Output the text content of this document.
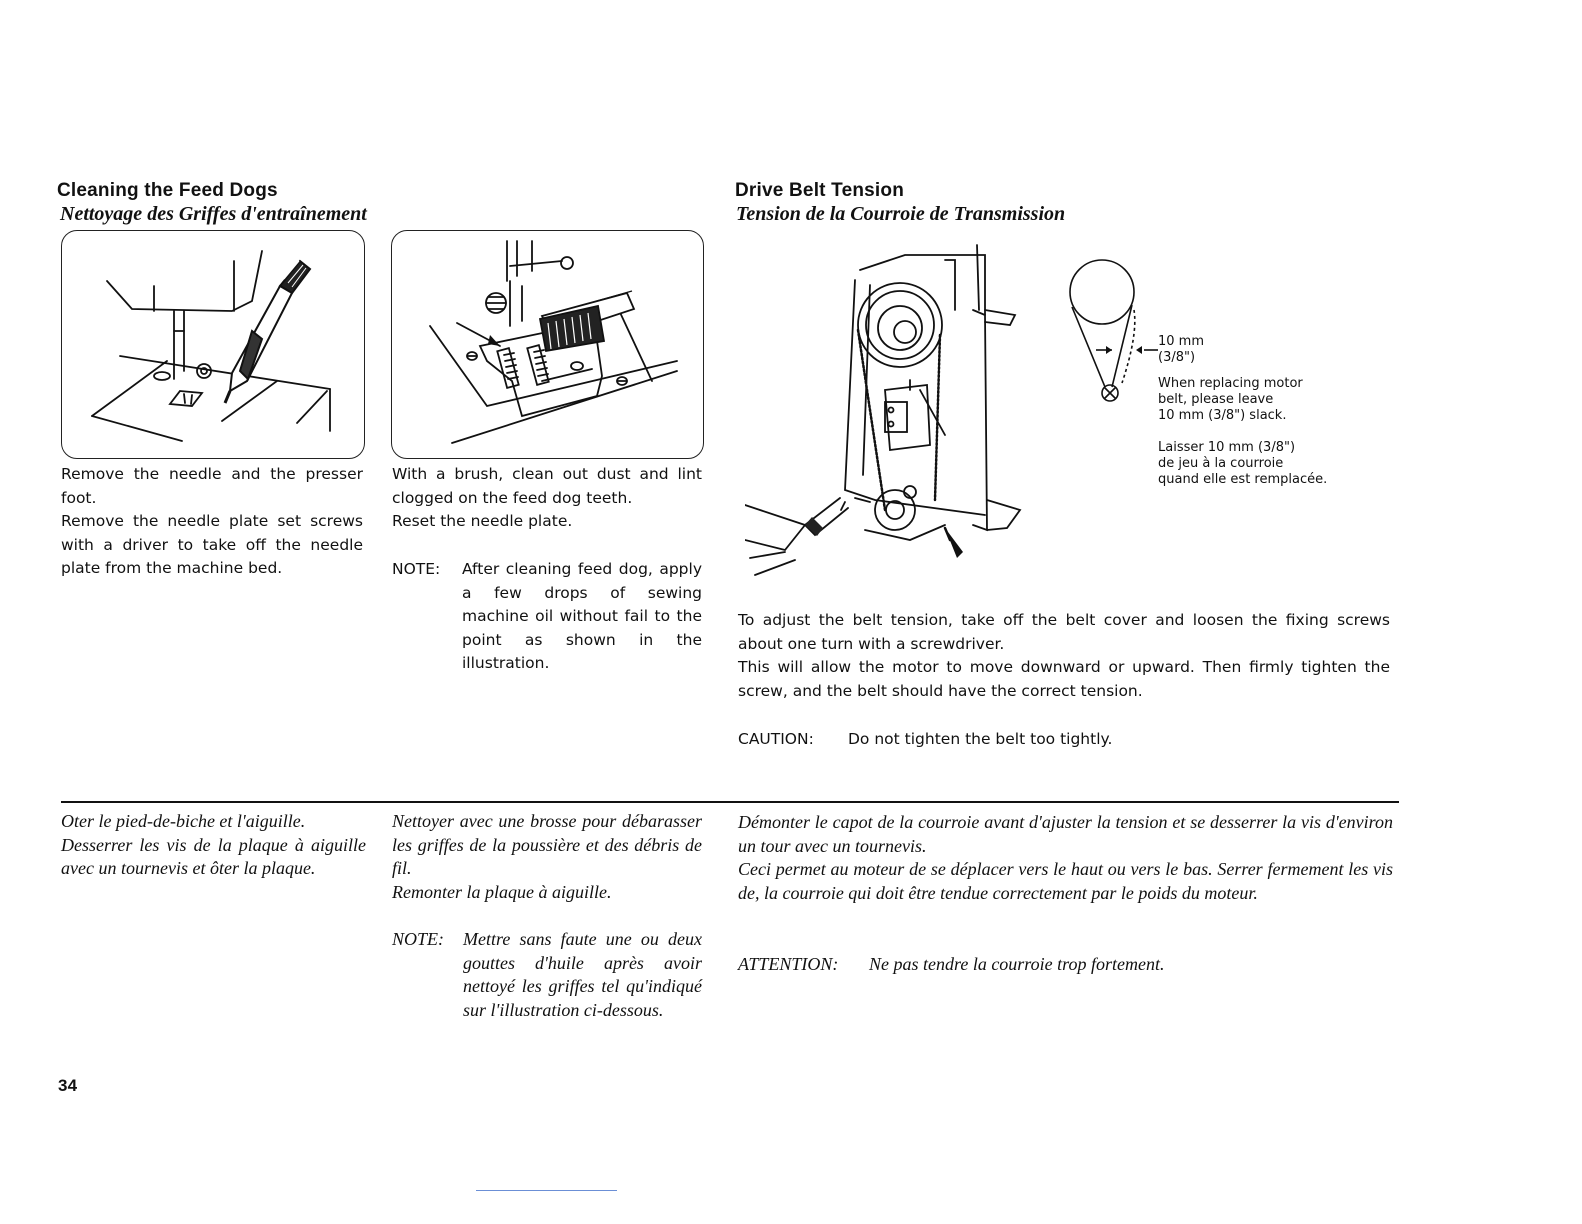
Cleaning the Feed Dogs
Nettoyage des Griffes d'entraînement
Remove the needle and the presser foot.
Remove the needle plate set screws with a driver to take off the needle plate from the machine bed.
With a brush, clean out dust and lint clogged on the feed dog teeth.
Reset the needle plate.
NOTE:	After cleaning feed dog, apply a few drops of sewing machine oil without fail to the point as shown in the illustration.
Drive Belt Tension
Tension de la Courroie de Transmission
10 mm
(3/8")
When replacing motor
belt, please leave
10 mm (3/8") slack.
Laisser 10 mm (3/8")
de jeu à la courroie
quand elle est remplacée.
To adjust the belt tension, take off the belt cover and loosen the fixing screws about one turn with a screwdriver.
This will allow the motor to move downward or upward. Then firmly tighten the screw, and the belt should have the correct tension.
CAUTION:	Do not tighten the belt too tightly.
Oter le pied-de-biche et l'aiguille.
Desserrer les vis de la plaque à aiguille avec un tournevis et ôter la plaque.
Nettoyer avec une brosse pour débarasser les griffes de la poussière et des débris de fil.
Remonter la plaque à aiguille.
NOTE:	Mettre sans faute une ou deux gouttes d'huile après avoir nettoyé les griffes tel qu'indiqué sur l'illustration ci-dessous.
Démonter le capot de la courroie avant d'ajuster la tension et se desserrer la vis d'environ un tour avec un tournevis.
Ceci permet au moteur de se déplacer vers le haut ou vers le bas. Serrer fermement les vis de, la courroie qui doit être tendue correctement par le poids du moteur.
ATTENTION:	Ne pas tendre la courroie trop fortement.
34
